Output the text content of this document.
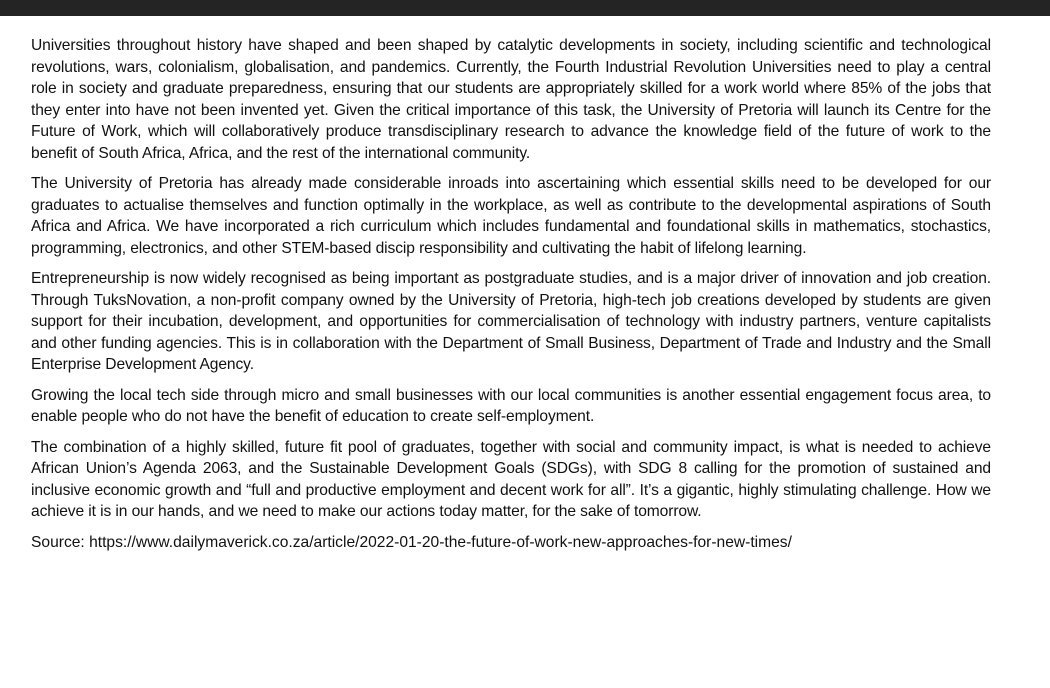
Universities throughout history have shaped and been shaped by catalytic developments in society, including scientific and technological revolutions, wars, colonialism, globalisation, and pandemics. Currently, the Fourth Industrial Revolution Universities need to play a central role in society and graduate preparedness, ensuring that our students are appropriately skilled for a work world where 85% of the jobs that they enter into have not been invented yet. Given the critical importance of this task, the University of Pretoria will launch its Centre for the Future of Work, which will collaboratively produce transdisciplinary research to advance the knowledge field of the future of work to the benefit of South Africa, Africa, and the rest of the international community.

The University of Pretoria has already made considerable inroads into ascertaining which essential skills need to be developed for our graduates to actualise themselves and function optimally in the workplace, as well as contribute to the developmental aspirations of South Africa and Africa. We have incorporated a rich curriculum which includes fundamental and foundational skills in mathematics, stochastics, programming, electronics, and other STEM-based discip responsibility and cultivating the habit of lifelong learning.

Entrepreneurship is now widely recognised as being important as postgraduate studies, and is a major driver of innovation and job creation. Through TuksNovation, a non-profit company owned by the University of Pretoria, high-tech job creations developed by students are given support for their incubation, development, and opportunities for commercialisation of technology with industry partners, venture capitalists and other funding agencies. This is in collaboration with the Department of Small Business, Department of Trade and Industry and the Small Enterprise Development Agency.

Growing the local tech side through micro and small businesses with our local communities is another essential engagement focus area, to enable people who do not have the benefit of education to create self-employment.

The combination of a highly skilled, future fit pool of graduates, together with social and community impact, is what is needed to achieve African Union’s Agenda 2063, and the Sustainable Development Goals (SDGs), with SDG 8 calling for the promotion of sustained and inclusive economic growth and “full and productive employment and decent work for all”. It’s a gigantic, highly stimulating challenge. How we achieve it is in our hands, and we need to make our actions today matter, for the sake of tomorrow.

Source: https://www.dailymaverick.co.za/article/2022-01-20-the-future-of-work-new-approaches-for-new-times/
